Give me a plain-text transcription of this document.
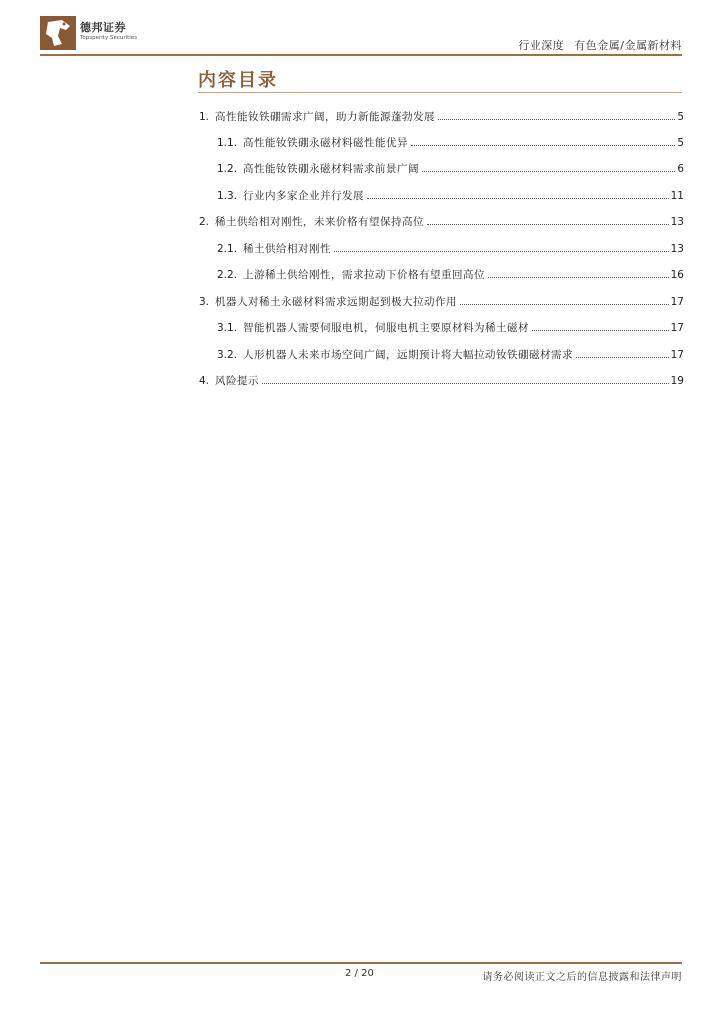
德邦证券
Topsperity Securities
行业深度 有色金属/金属新材料
内容目录
1. 高性能钕铁硼需求广阔，助力新能源蓬勃发展	5
1.1. 高性能钕铁硼永磁材料磁性能优异	5
1.2. 高性能钕铁硼永磁材料需求前景广阔	6
1.3. 行业内多家企业并行发展	11
2. 稀土供给相对刚性，未来价格有望保持高位	13
2.1. 稀土供给相对刚性	13
2.2. 上游稀土供给刚性，需求拉动下价格有望重回高位	16
3. 机器人对稀土永磁材料需求远期起到极大拉动作用	17
3.1. 智能机器人需要伺服电机，伺服电机主要原材料为稀土磁材	17
3.2. 人形机器人未来市场空间广阔，远期预计将大幅拉动钕铁硼磁材需求	17
4. 风险提示	19
2 / 20	请务必阅读正文之后的信息披露和法律声明
